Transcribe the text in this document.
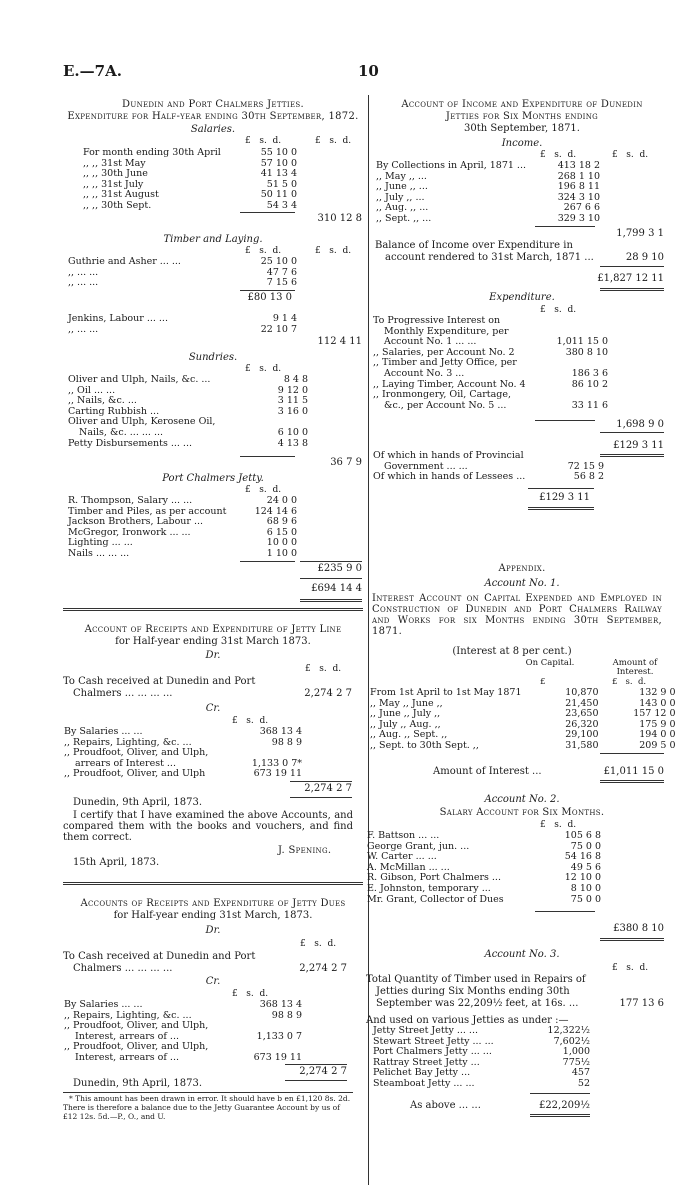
E.—7A.	10
Dunedin and Port Chalmers Jetties.
Expenditure for Half-year ending 30th September, 1872.
Salaries.
£ s. d.	£ s. d.
For month ending 30th April	55 10 0
,, ,, 31st May	57 10 0
,, ,, 30th June	41 13 4
,, ,, 31st July	51 5 0
,, ,, 31st August	50 11 0
,, ,, 30th Sept.	54 3 4
310 12 8
Timber and Laying.
£   s.  d.	£   s.  d.
Guthrie and Asher ... ...	25 10 0
,, ... ...	47 7 6
,, ... ...	7 15 6
£80 13 0
Jenkins, Labour ... ...	9 1 4
,, ... ...	22 10 7
112 4 11
Sundries.
£   s.  d.
Oliver and Ulph, Nails, &c. ...	8 4 8
,, Oil ... ...	9 12 0
,, Nails, &c. ...	3 11 5
Carting Rubbish ...	3 16 0
Oliver and Ulph, Kerosene Oil,	
Nails, &c. ... ... ...	6 10 0
Petty Disbursements ... ...	4 13 8
36 7 9
Port Chalmers Jetty.
£   s.  d.
R. Thompson, Salary ... ...	24 0 0
Timber and Piles, as per account	124 14 6
Jackson Brothers, Labour ...	68 9 6
McGregor, Ironwork ... ...	6 15 0
Lighting ... ...	10 0 0
Nails ... ... ...	1 10 0
£235 9 0
£694 14 4
Account of Receipts and Expenditure of Jetty Line
for Half-year ending 31st March 1873.
Dr.
£   s.  d.
To Cash received at Dunedin and Port
Chalmers ... ... ... ...	2,274 2 7
Cr.
£   s.  d.
By Salaries ... ...	368 13 4
,, Repairs, Lighting, &c. ...	98 8 9
,, Proudfoot, Oliver, and Ulph,	
arrears of Interest ...	1,133 0 7*
,, Proudfoot, Oliver, and Ulph	673 19 11
2,274 2 7
Dunedin, 9th April, 1873.
I certify that I have examined the above Accounts, and compared them with the books and vouchers, and find them correct.
J. Spening.
15th April, 1873.
Accounts of Receipts and Expenditure of Jetty Dues
for Half-year ending 31st March, 1873.
Dr.
£   s.  d.
To Cash received at Dunedin and Port
Chalmers ... ... ... ...	2,274 2 7
Cr.
£   s.  d.
By Salaries ... ...	368 13 4
,, Repairs, Lighting, &c. ...	98 8 9
,, Proudfoot, Oliver, and Ulph,	
Interest, arrears of ...	1,133 0 7
,, Proudfoot, Oliver, and Ulph,	
Interest, arrears of ...	673 19 11
2,274 2 7
Dunedin, 9th April, 1873.
* This amount has been drawn in error. It should have b en £1,120 8s. 2d. There is therefore a balance due to the Jetty Guarantee Account by us of £12 12s. 5d.—P., O., and U.
Account of Income and Expenditure of Dunedin
Jetties for Six Months ending
30th September, 1871.
Income.
£   s.  d.	£   s.  d.
By Collections in April, 1871 ...	413 18 2
,, May ,, ...	268 1 10
,, June ,, ...	196 8 11
,, July ,, ...	324 3 10
,, Aug. ,, ...	267 6 6
,, Sept. ,, ...	329 3 10
1,799 3 1
Balance of Income over Expenditure in
account rendered to 31st March, 1871 ...	28 9 10
£1,827 12 11
Expenditure.
£   s.  d.
To Progressive Interest on	
Monthly Expenditure, per	
Account No. 1 ... ...	1,011 15 0
,, Salaries, per Account No. 2	380 8 10
,, Timber and Jetty Office, per	
Account No. 3 ...	186 3 6
,, Laying Timber, Account No. 4	86 10 2
,, Ironmongery, Oil, Cartage,	
&c., per Account No. 5 ...	33 11 6
1,698 9 0
£129 3 11
Of which in hands of Provincial	
Government ... ...	72 15 9
Of which in hands of Lessees ...	56 8 2
£129 3 11
Appendix.
Account No. 1.
Interest Account on Capital Expended and Employed in Construction of Dunedin and Port Chalmers Railway and Works for six Months ending 30th September, 1871.
(Interest at 8 per cent.)
On Capital.	Amount of Interest.
£	£   s.  d.
From 1st April to 1st May 1871	10,870	132 9 0
,, May ,, June ,,	21,450	143 0 0
,, June ,, July ,,	23,650	157 12 0
,, July ,, Aug. ,,	26,320	175 9 0
,, Aug. ,, Sept. ,,	29,100	194 0 0
,, Sept. to 30th Sept. ,,	31,580	209 5 0
Amount of Interest ...	£1,011 15 0
Account No. 2.
Salary Account for Six Months.
£   s.  d.
F. Battson ... ...	105 6 8
George Grant, jun. ...	75 0 0
W. Carter ... ...	54 16 8
A. McMillan ... ...	49 5 6
R. Gibson, Port Chalmers ...	12 10 0
E. Johnston, temporary ...	8 10 0
Mr. Grant, Collector of Dues	75 0 0
£380 8 10
Account No. 3.
£   s.  d.
Total Quantity of Timber used in Repairs of
Jetties during Six Months ending 30th
September was 22,209½ feet, at 16s. ...	177 13 6
And used on various Jetties as under :—
Jetty Street Jetty ... ...	12,322½
Stewart Street Jetty ... ...	7,602½
Port Chalmers Jetty ... ...	1,000
Rattray Street Jetty ...	775½
Pelichet Bay Jetty ...	457
Steamboat Jetty ... ...	52
As above ... ...	£22,209½
